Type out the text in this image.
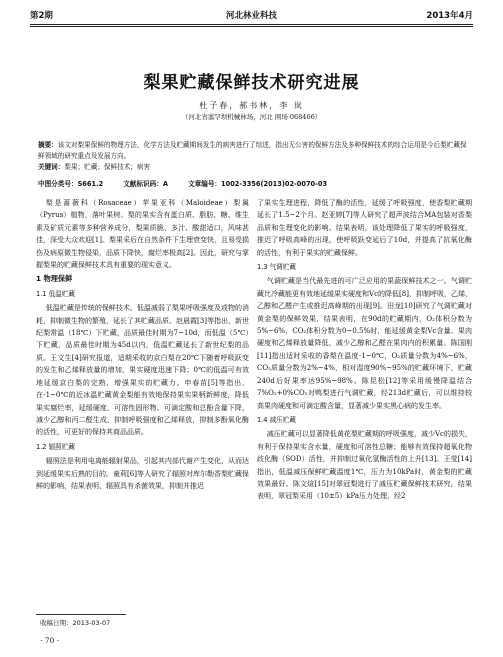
第2期	河北林业科技	2013年4月
梨果贮藏保鲜技术研究进展
杜子春，郝书林，李 岚
（河北省塞罕坝机械林场，河北 围场 068466）
摘要：该文对梨果保鲜的物理方法、化学方法及贮藏期间发生的病害进行了综述，指出无公害的保鲜方法及多种保鲜技术的综合运用是今后梨贮藏保鲜领域的研究重点及发展方向。
关键词：梨果；贮藏；保鲜技术；病害
中图分类号：S661.2	文献标识码：A	文章编号：1002-3356(2013)02-0070-03

梨是蔷薇科（Rosaceae）苹果亚科（Maloideae）梨属（Pyrus）植物，落叶果树。梨的果实含有蛋白质、脂肪、糖、维生素及矿质元素等多种营养成分，梨果质脆、多汁、酸甜适口，风味甚佳，深受大众欢迎[1]。梨果采后在自然条件下生理衰变快，且易受损伤及病原微生物侵染，品质下降快，腐烂率极高[2]。因此，研究与掌握梨果的贮藏保鲜技术具有重要的现实意义。

1 物理保鲜
1.1 低温贮藏

低温贮藏是传统的保鲜技术。低温减弱了梨果呼吸强度及或物的消耗，抑制微生物的繁殖，延长了其贮藏品质。赵晨霞[3]等指出，新世纪梨常温（18℃）下贮藏，品质最佳时期为7~10d，而低温（5℃）下贮藏，品质最佳时期为45d以内，低温贮藏延长了新世纪梨的品质。王文生[4]研究报道，适期采收的京白梨在20℃下随着呼吸跃变的发生和乙烯释放量的增加，果实硬度迅速下降；0℃的低温可有效地延缓京白梨的完熟，增强果实的贮藏力。申春苗[5]等指出，在-1~0℃的近冰温贮藏黄金梨能有效地保持果实果柄新鲜度，降低果实腐烂率，延缓硬度、可溶性固形物、可滴定酸和总酚含量下降，减少乙醇和丙二醛生成，抑制呼吸强度和乙烯释放，抑制多酚氧化酶的活性，可更好的保持其商品品质。

1.2 辐照贮藏

辐照法是利用电离能辐射果品，引起其内部代谢产生变化，从而达到延缓果实后熟的目的。童莉[6]等人研究了辐照对库尔勒香梨贮藏保鲜的影响，结果表明，辐照具有杀菌效果，抑制并推迟

了果实生理进程，降低了酶的活性，延缓了呼吸强度，使香梨贮藏期延长了1.5~2个月。赵亚婷[7]等人研究了超声波结合MA包装对香梨品质和生理变化的影响。结果表明，该处理降低了果实的呼吸强度，推迟了呼吸高峰的出现，使呼吸跃变延后了10d，并提高了抗氧化酶的活性，有利于果实的贮藏保鲜。

1.3 气调贮藏

气调贮藏是当代最先进的可广泛应用的果蔬保鲜技术之一。气调贮藏比冷藏能更有效地延缓果实硬度和Vc的降低[8]，抑制呼吸，乙烯，乙醇和乙醛产生或推迟高峰期的出现[9]。田龙[10]研究了气调贮藏对黄金梨的保鲜效果，结果表明，在90d的贮藏期内，O₂体积分数为5%~6%，CO₂体积分数为0~0.5%时，能延缓黄金梨Vc含量、果肉硬度和乙烯释放量降低，减少乙醇和乙醛在果肉内的积累量。陈国刚[11]指出适时采收的香梨在温度-1~0℃，O₂质量分数为4%~6%，CO₂质量分数为2%~4%，相对湿度90%~95%的贮藏环境下，贮藏240d后好果率达95%~98%。陈昆松[12]等采用缓慢降温结合7%O₂+0%CO₂对鸭梨进行气调贮藏，经213d贮藏后，可以维持较高果肉硬度和可滴定酸含量，显著减少果实黑心病的发生率。

1.4 减压贮藏

减压贮藏可以显著降低黄花梨贮藏期的呼吸强度，减少Vc的损失，有利于保持果实含水量，硬度和可溶性总糖；能够有效保持超氧化物歧化酶（SOD）活性，并抑制过氧化氢酶活性的上升[13]。王莹[14]指出，低温减压保鲜贮藏温度1℃，压力为10kPa时，黄金梨的贮藏效果最好。陈文煊[15]对翠冠梨进行了减压贮藏保鲜技术研究，结果表明，翠冠梨采用（10±5）kPa压力处理，经2

收稿日期：2013-03-07
· 70 ·
